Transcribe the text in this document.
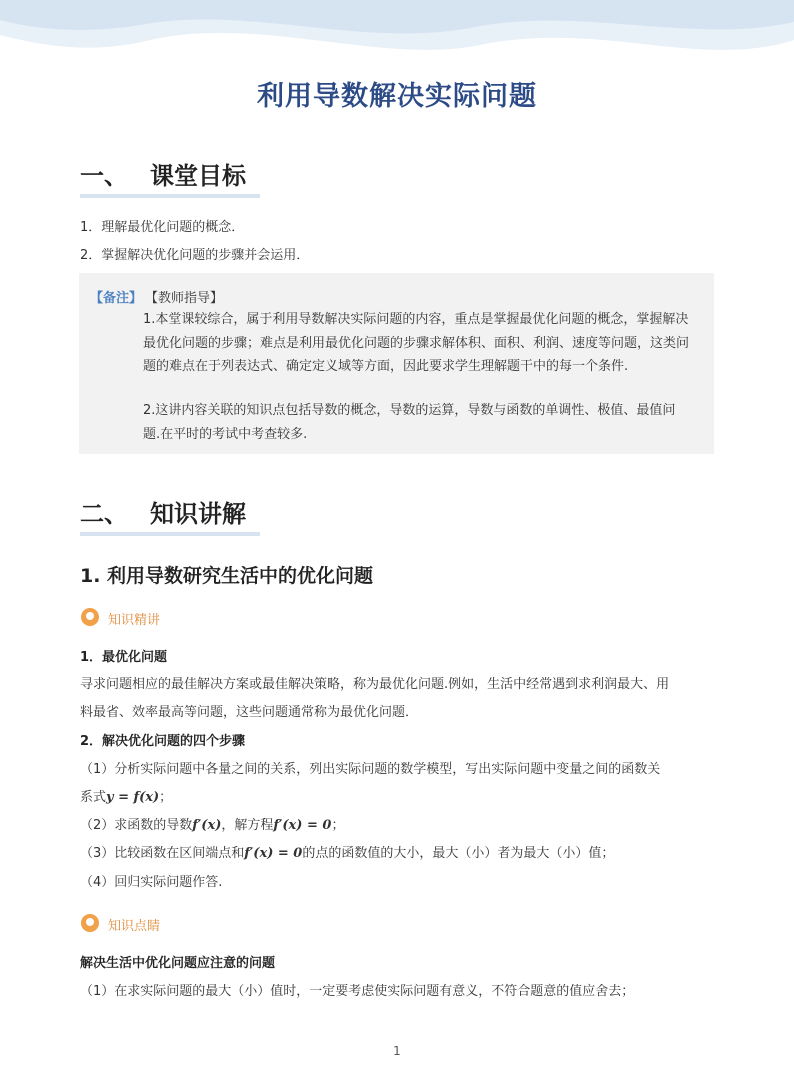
利用导数解决实际问题
一、 课堂目标
1．理解最优化问题的概念．
2．掌握解决优化问题的步骤并会运用．
【备注】 【教师指导】
1.本堂课较综合，属于利用导数解决实际问题的内容，重点是掌握最优化问题的概念，掌握解决最优化问题的步骤；难点是利用最优化问题的步骤求解体积、面积、利润、速度等问题，这类问题的难点在于列表达式、确定定义域等方面，因此要求学生理解题干中的每一个条件.
2.这讲内容关联的知识点包括导数的概念，导数的运算，导数与函数的单调性、极值、最值问题.在平时的考试中考查较多.
二、 知识讲解
1. 利用导数研究生活中的优化问题
知识精讲
1．最优化问题
寻求问题相应的最佳解决方案或最佳解决策略，称为最优化问题.例如，生活中经常遇到求利润最大、用
料最省、效率最高等问题，这些问题通常称为最优化问题．
2．解决优化问题的四个步骤
（1）分析实际问题中各量之间的关系，列出实际问题的数学模型，写出实际问题中变量之间的函数关
系式y = f(x)；
（2）求函数的导数f′(x)，解方程f′(x) = 0；
（3）比较函数在区间端点和f′(x) = 0的点的函数值的大小，最大（小）者为最大（小）值；
（4）回归实际问题作答.
知识点睛
解决生活中优化问题应注意的问题
（1）在求实际问题的最大（小）值时，一定要考虑使实际问题有意义，不符合题意的值应舍去；
1
